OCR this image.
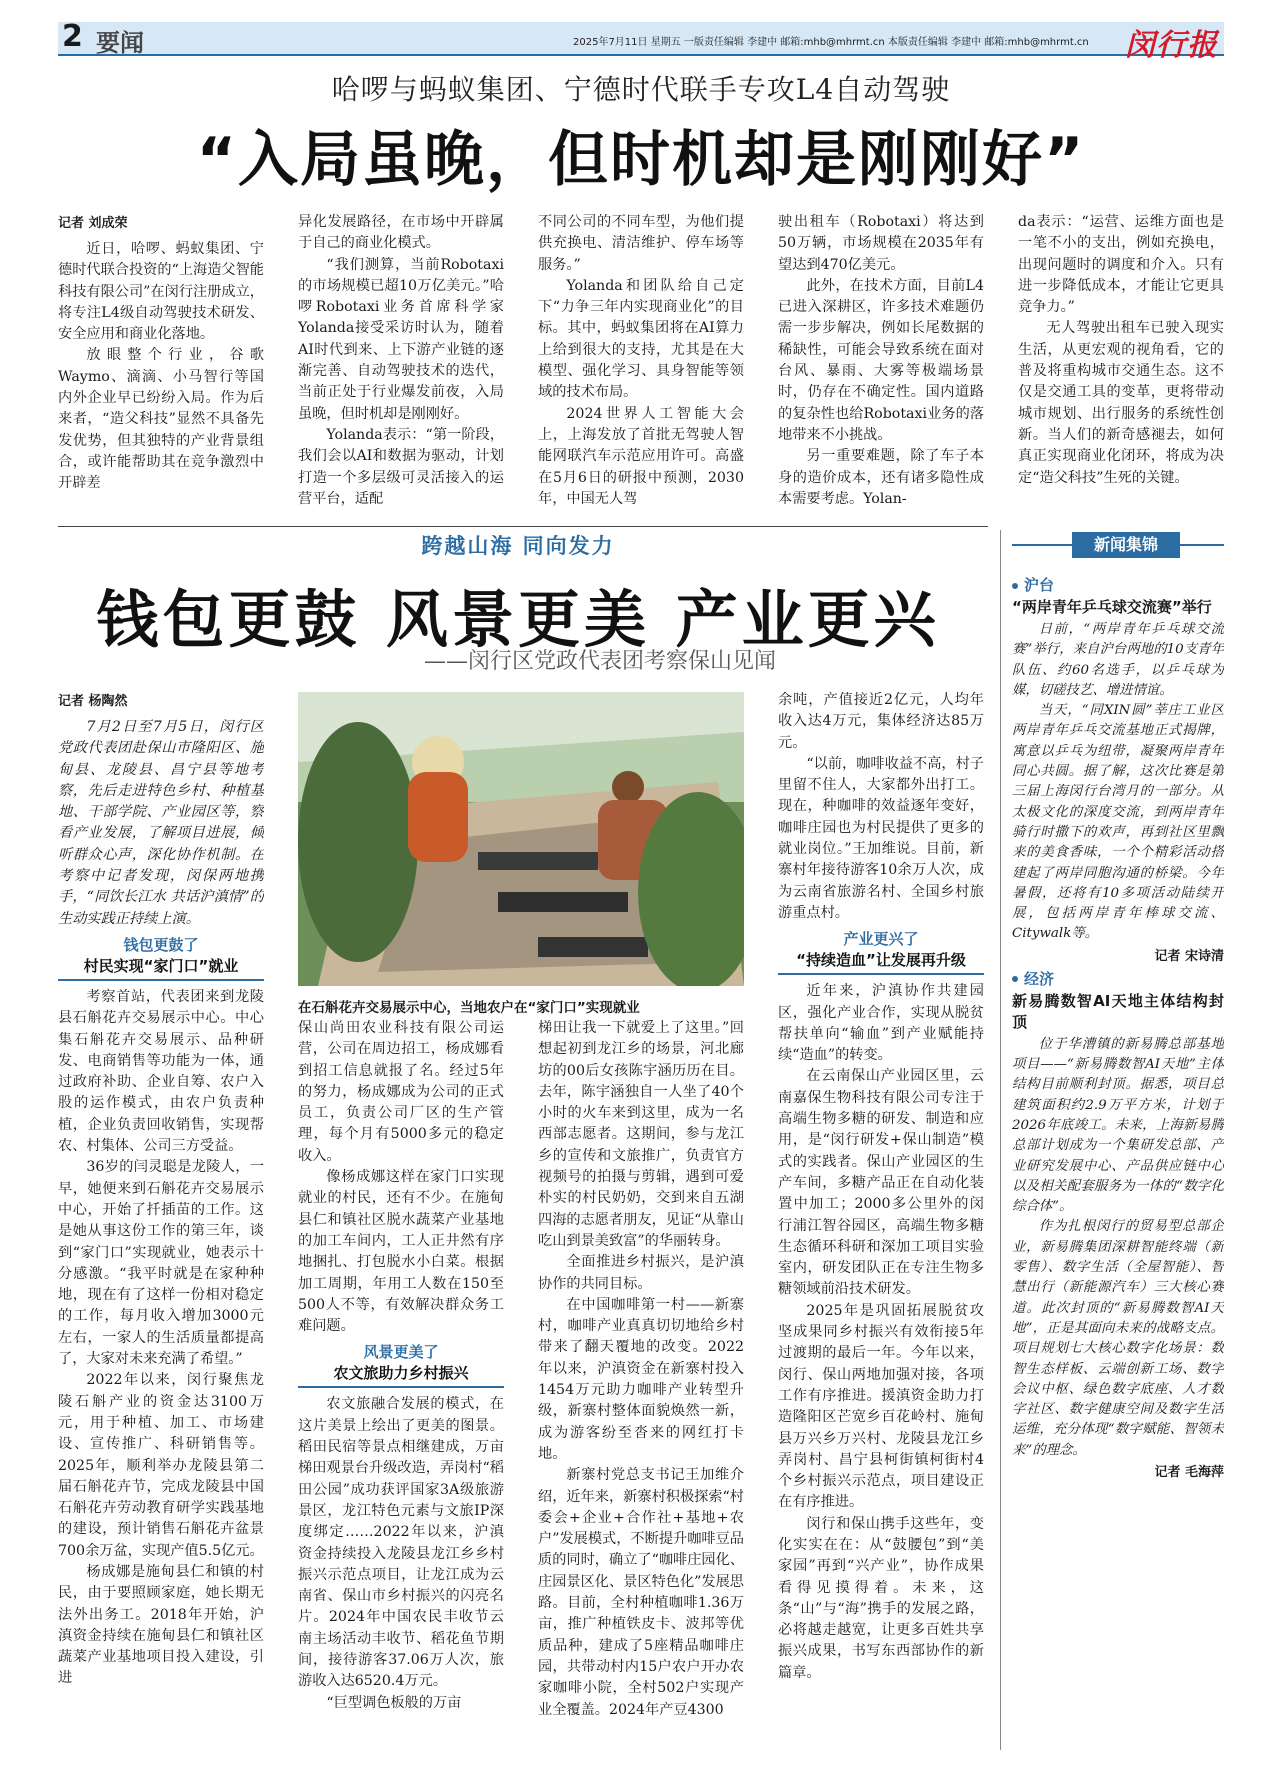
2 要闻	2025年7月11日 星期五 一版责任编辑 李建中 邮箱:mhb@mhrmt.cn 本版责任编辑 李建中 邮箱:mhb@mhrmt.cn 闵行报
哈啰与蚂蚁集团、宁德时代联手专攻L4自动驾驶
“入局虽晚，但时机却是刚刚好”

记者 刘成荣

近日，哈啰、蚂蚁集团、宁德时代联合投资的“上海造父智能科技有限公司”在闵行注册成立，将专注L4级自动驾驶技术研发、安全应用和商业化落地。

放眼整个行业，谷歌Waymo、滴滴、小马智行等国内外企业早已纷纷入局。作为后来者，“造父科技”显然不具备先发优势，但其独特的产业背景组合，或许能帮助其在竞争激烈中开辟差

异化发展路径，在市场中开辟属于自己的商业化模式。

“我们测算，当前Robotaxi的市场规模已超10万亿美元。”哈啰Robotaxi业务首席科学家Yolanda接受采访时认为，随着AI时代到来、上下游产业链的逐渐完善、自动驾驶技术的迭代，当前正处于行业爆发前夜，入局虽晚，但时机却是刚刚好。

Yolanda表示：“第一阶段，我们会以AI和数据为驱动，计划打造一个多层级可灵活接入的运营平台，适配

不同公司的不同车型，为他们提供充换电、清洁维护、停车场等服务。”

Yolanda和团队给自己定下“力争三年内实现商业化”的目标。其中，蚂蚁集团将在AI算力上给到很大的支持，尤其是在大模型、强化学习、具身智能等领域的技术布局。

2024世界人工智能大会上，上海发放了首批无驾驶人智能网联汽车示范应用许可。高盛在5月6日的研报中预测，2030年，中国无人驾

驶出租车（Robotaxi）将达到50万辆，市场规模在2035年有望达到470亿美元。

此外，在技术方面，目前L4已进入深耕区，许多技术难题仍需一步步解决，例如长尾数据的稀缺性，可能会导致系统在面对台风、暴雨、大雾等极端场景时，仍存在不确定性。国内道路的复杂性也给Robotaxi业务的落地带来不小挑战。

另一重要难题，除了车子本身的造价成本，还有诸多隐性成本需要考虑。Yolan-

da表示：“运营、运维方面也是一笔不小的支出，例如充换电，出现问题时的调度和介入。只有进一步降低成本，才能让它更具竞争力。”

无人驾驶出租车已驶入现实生活，从更宏观的视角看，它的普及将重构城市交通生态。这不仅是交通工具的变革，更将带动城市规划、出行服务的系统性创新。当人们的新奇感褪去，如何真正实现商业化闭环，将成为决定“造父科技”生死的关键。

跨越山海 同向发力
钱包更鼓 风景更美 产业更兴
——闵行区党政代表团考察保山见闻

记者 杨陶然

7月2日至7月5日，闵行区党政代表团赴保山市隆阳区、施甸县、龙陵县、昌宁县等地考察，先后走进特色乡村、种植基地、干部学院、产业园区等，察看产业发展，了解项目进展，倾听群众心声，深化协作机制。在考察中记者发现，闵保两地携手，“同饮长江水 共话沪滇情”的生动实践正持续上演。

钱包更鼓了
村民实现“家门口”就业

考察首站，代表团来到龙陵县石斛花卉交易展示中心。中心集石斛花卉交易展示、品种研发、电商销售等功能为一体，通过政府补助、企业自筹、农户入股的运作模式，由农户负责种植，企业负责回收销售，实现帮农、村集体、公司三方受益。

36岁的闫灵聪是龙陵人，一早，她便来到石斛花卉交易展示中心，开始了扦插苗的工作。这是她从事这份工作的第三年，谈到“家门口”实现就业，她表示十分感激。“我平时就是在家种种地，现在有了这样一份相对稳定的工作，每月收入增加3000元左右，一家人的生活质量都提高了，大家对未来充满了希望。”

2022年以来，闵行聚焦龙陵石斛产业的资金达3100万元，用于种植、加工、市场建设、宣传推广、科研销售等。2025年，顺利举办龙陵县第二届石斛花卉节，完成龙陵县中国石斛花卉劳动教育研学实践基地的建设，预计销售石斛花卉盆景700余万盆，实现产值5.5亿元。

杨成娜是施甸县仁和镇的村民，由于要照顾家庭，她长期无法外出务工。2018年开始，沪滇资金持续在施甸县仁和镇社区蔬菜产业基地项目投入建设，引进

在石斛花卉交易展示中心，当地农户在“家门口”实现就业

保山尚田农业科技有限公司运营，公司在周边招工，杨成娜看到招工信息就报了名。经过5年的努力，杨成娜成为公司的正式员工，负责公司厂区的生产管理，每个月有5000多元的稳定收入。

像杨成娜这样在家门口实现就业的村民，还有不少。在施甸县仁和镇社区脱水蔬菜产业基地的加工车间内，工人正井然有序地捆扎、打包脱水小白菜。根据加工周期，年用工人数在150至500人不等，有效解决群众务工难问题。

风景更美了
农文旅助力乡村振兴

农文旅融合发展的模式，在这片美景上绘出了更美的图景。稻田民宿等景点相继建成，万亩梯田观景台升级改造，弄岗村“稻田公园”成功获评国家3A级旅游景区，龙江特色元素与文旅IP深度绑定……2022年以来，沪滇资金持续投入龙陵县龙江乡乡村振兴示范点项目，让龙江成为云南省、保山市乡村振兴的闪亮名片。2024年中国农民丰收节云南主场活动丰收节、稻花鱼节期间，接待游客37.06万人次，旅游收入达6520.4万元。

“巨型调色板般的万亩

梯田让我一下就爱上了这里。”回想起初到龙江乡的场景，河北廊坊的00后女孩陈宇涵历历在目。去年，陈宇涵独自一人坐了40个小时的火车来到这里，成为一名西部志愿者。这期间，参与龙江乡的宣传和文旅推广，负责官方视频号的拍摄与剪辑，遇到可爱朴实的村民奶奶，交到来自五湖四海的志愿者朋友，见证“从靠山吃山到景美致富”的华丽转身。

全面推进乡村振兴，是沪滇协作的共同目标。

在中国咖啡第一村——新寨村，咖啡产业真真切切地给乡村带来了翻天覆地的改变。2022年以来，沪滇资金在新寨村投入1454万元助力咖啡产业转型升级，新寨村整体面貌焕然一新，成为游客纷至沓来的网红打卡地。

新寨村党总支书记王加维介绍，近年来，新寨村积极探索“村委会+企业+合作社+基地+农户”发展模式，不断提升咖啡豆品质的同时，确立了“咖啡庄园化、庄园景区化、景区特色化”发展思路。目前，全村种植咖啡1.36万亩，推广种植铁皮卡、波邦等优质品种，建成了5座精品咖啡庄园，共带动村内15户农户开办农家咖啡小院，全村502户实现产业全覆盖。2024年产豆4300

余吨，产值接近2亿元，人均年收入达4万元，集体经济达85万元。

“以前，咖啡收益不高，村子里留不住人，大家都外出打工。现在，种咖啡的效益逐年变好，咖啡庄园也为村民提供了更多的就业岗位。”王加维说。目前，新寨村年接待游客10余万人次，成为云南省旅游名村、全国乡村旅游重点村。

产业更兴了
“持续造血”让发展再升级

近年来，沪滇协作共建园区，强化产业合作，实现从脱贫帮扶单向“输血”到产业赋能持续“造血”的转变。

在云南保山产业园区里，云南嘉保生物科技有限公司专注于高端生物多糖的研发、制造和应用，是“闵行研发+保山制造”模式的实践者。保山产业园区的生产车间，多糖产品正在自动化装置中加工；2000多公里外的闵行浦江智谷园区，高端生物多糖生态循环科研和深加工项目实验室内，研发团队正在专注生物多糖领域前沿技术研发。

2025年是巩固拓展脱贫攻坚成果同乡村振兴有效衔接5年过渡期的最后一年。今年以来，闵行、保山两地加强对接，各项工作有序推进。援滇资金助力打造隆阳区芒宽乡百花岭村、施甸县万兴乡万兴村、龙陵县龙江乡弄岗村、昌宁县柯街镇柯街村4个乡村振兴示范点，项目建设正在有序推进。

闵行和保山携手这些年，变化实实在在：从“鼓腰包”到“美家园”再到“兴产业”，协作成果看得见摸得着。未来，这条“山”与“海”携手的发展之路，必将越走越宽，让更多百姓共享振兴成果，书写东西部协作的新篇章。

新闻集锦

沪台

“两岸青年乒乓球交流赛”举行

日前，“两岸青年乒乓球交流赛”举行，来自沪台两地的10支青年队伍、约60名选手，以乒乓球为媒，切磋技艺、增进情谊。

当天，“同XIN圆”莘庄工业区两岸青年乒乓交流基地正式揭牌，寓意以乒乓为纽带，凝聚两岸青年同心共圆。据了解，这次比赛是第三届上海闵行台湾月的一部分。从太极文化的深度交流，到两岸青年骑行时撒下的欢声，再到社区里飘来的美食香味，一个个精彩活动搭建起了两岸同胞沟通的桥梁。今年暑假，还将有10多项活动陆续开展，包括两岸青年棒球交流、Citywalk等。

记者 宋诗清

经济

新易腾数智AI天地主体结构封顶

位于华漕镇的新易腾总部基地项目——“新易腾数智AI天地”主体结构目前顺利封顶。据悉，项目总建筑面积约2.9万平方米，计划于2026年底竣工。未来，上海新易腾总部计划成为一个集研发总部、产业研究发展中心、产品供应链中心以及相关配套服务为一体的“数字化综合体”。

作为扎根闵行的贸易型总部企业，新易腾集团深耕智能终端（新零售）、数字生活（全屋智能）、智慧出行（新能源汽车）三大核心赛道。此次封顶的“新易腾数智AI天地”，正是其面向未来的战略支点。项目规划七大核心数字化场景：数智生态样板、云端创新工场、数字会议中枢、绿色数字底座、人才数字社区、数字健康空间及数字生活运维，充分体现“数字赋能、智领未来”的理念。

记者 毛海萍
